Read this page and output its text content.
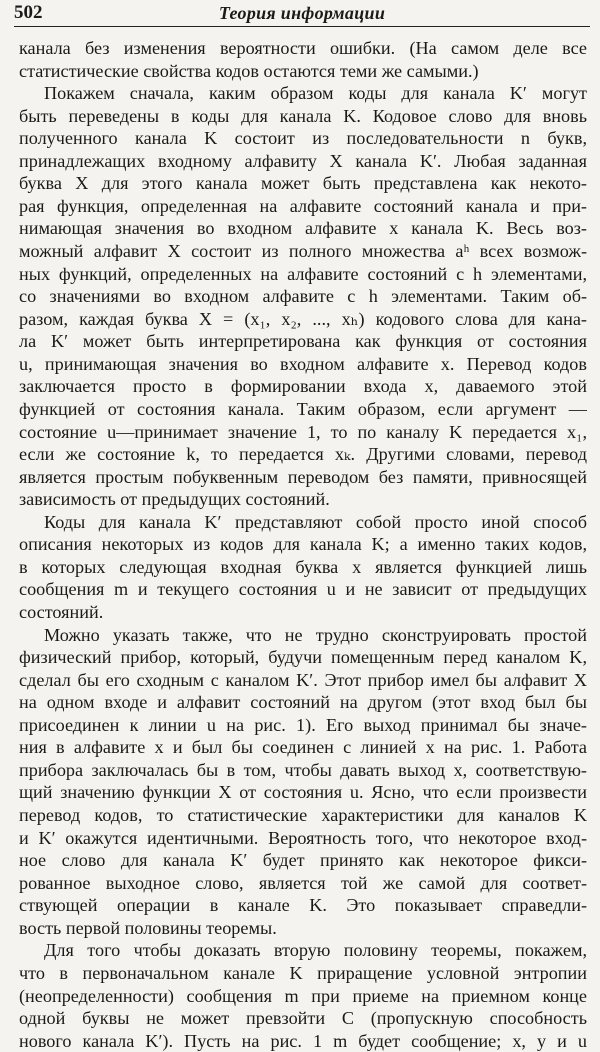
502	Теория информации
канала без изменения вероятности ошибки. (На самом деле все
статистические свойства кодов остаются теми же самыми.)
Покажем сначала, каким образом коды для канала K′ могут
быть переведены в коды для канала K. Кодовое слово для вновь
полученного канала K состоит из последовательности n букв,
принадлежащих входному алфавиту X канала K′. Любая заданная
буква X для этого канала может быть представлена как некото-
рая функция, определенная на алфавите состояний канала и при-
нимающая значения во входном алфавите x канала K. Весь воз-
можный алфавит X состоит из полного множества aʰ всех возмож-
ных функций, определенных на алфавите состояний с h элементами,
со значениями во входном алфавите с h элементами. Таким об-
разом, каждая буква X = (x₁, x₂, ..., xₕ) кодового слова для кана-
ла K′ может быть интерпретирована как функция от состояния
u, принимающая значения во входном алфавите x. Перевод кодов
заключается просто в формировании входа x, даваемого этой
функцией от состояния канала. Таким образом, если аргумент —
состояние u—принимает значение 1, то по каналу K передается x₁,
если же состояние k, то передается xₖ. Другими словами, перевод
является простым побуквенным переводом без памяти, привносящей
зависимость от предыдущих состояний.
Коды для канала K′ представляют собой просто иной способ
описания некоторых из кодов для канала K; а именно таких кодов,
в которых следующая входная буква x является функцией лишь
сообщения m и текущего состояния u и не зависит от предыдущих
состояний.
Можно указать также, что не трудно сконструировать простой
физический прибор, который, будучи помещенным перед каналом K,
сделал бы его сходным с каналом K′. Этот прибор имел бы алфавит X
на одном входе и алфавит состояний на другом (этот вход был бы
присоединен к линии u на рис. 1). Его выход принимал бы значе-
ния в алфавите x и был бы соединен с линией x на рис. 1. Работа
прибора заключалась бы в том, чтобы давать выход x, соответствую-
щий значению функции X от состояния u. Ясно, что если произвести
перевод кодов, то статистические характеристики для каналов K
и K′ окажутся идентичными. Вероятность того, что некоторое вход-
ное слово для канала K′ будет принято как некоторое фикси-
рованное выходное слово, является той же самой для соответ-
ствующей операции в канале K. Это показывает справедли-
вость первой половины теоремы.
Для того чтобы доказать вторую половину теоремы, покажем,
что в первоначальном канале K приращение условной энтропии
(неопределенности) сообщения m при приеме на приемном конце
одной буквы не может превзойти C (пропускную способность
нового канала K′). Пусть на рис. 1 m будет сообщение; x, y и u
